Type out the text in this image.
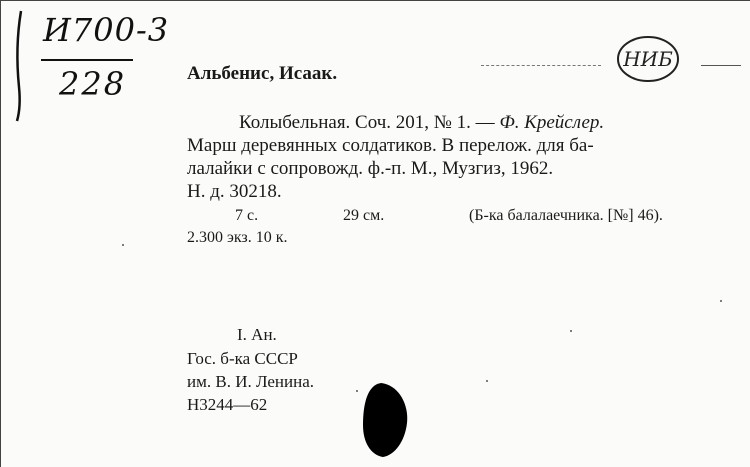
И700-3
228	Альбенис, Исаак.
НИБ
Колыбельная. Соч. 201, № 1. — Ф. Крейслер.
Марш деревянных солдатиков. В перелож. для ба-
лалайки с сопровожд. ф.-п. М., Музгиз, 1962.
Н. д. 30218.
7 с.	29 см.	(Б-ка балалаечника. [№] 46).
2.300 экз. 10 к.
I. Ан.
Гос. б-ка СССР
им. В. И. Ленина.
Н3244—62
